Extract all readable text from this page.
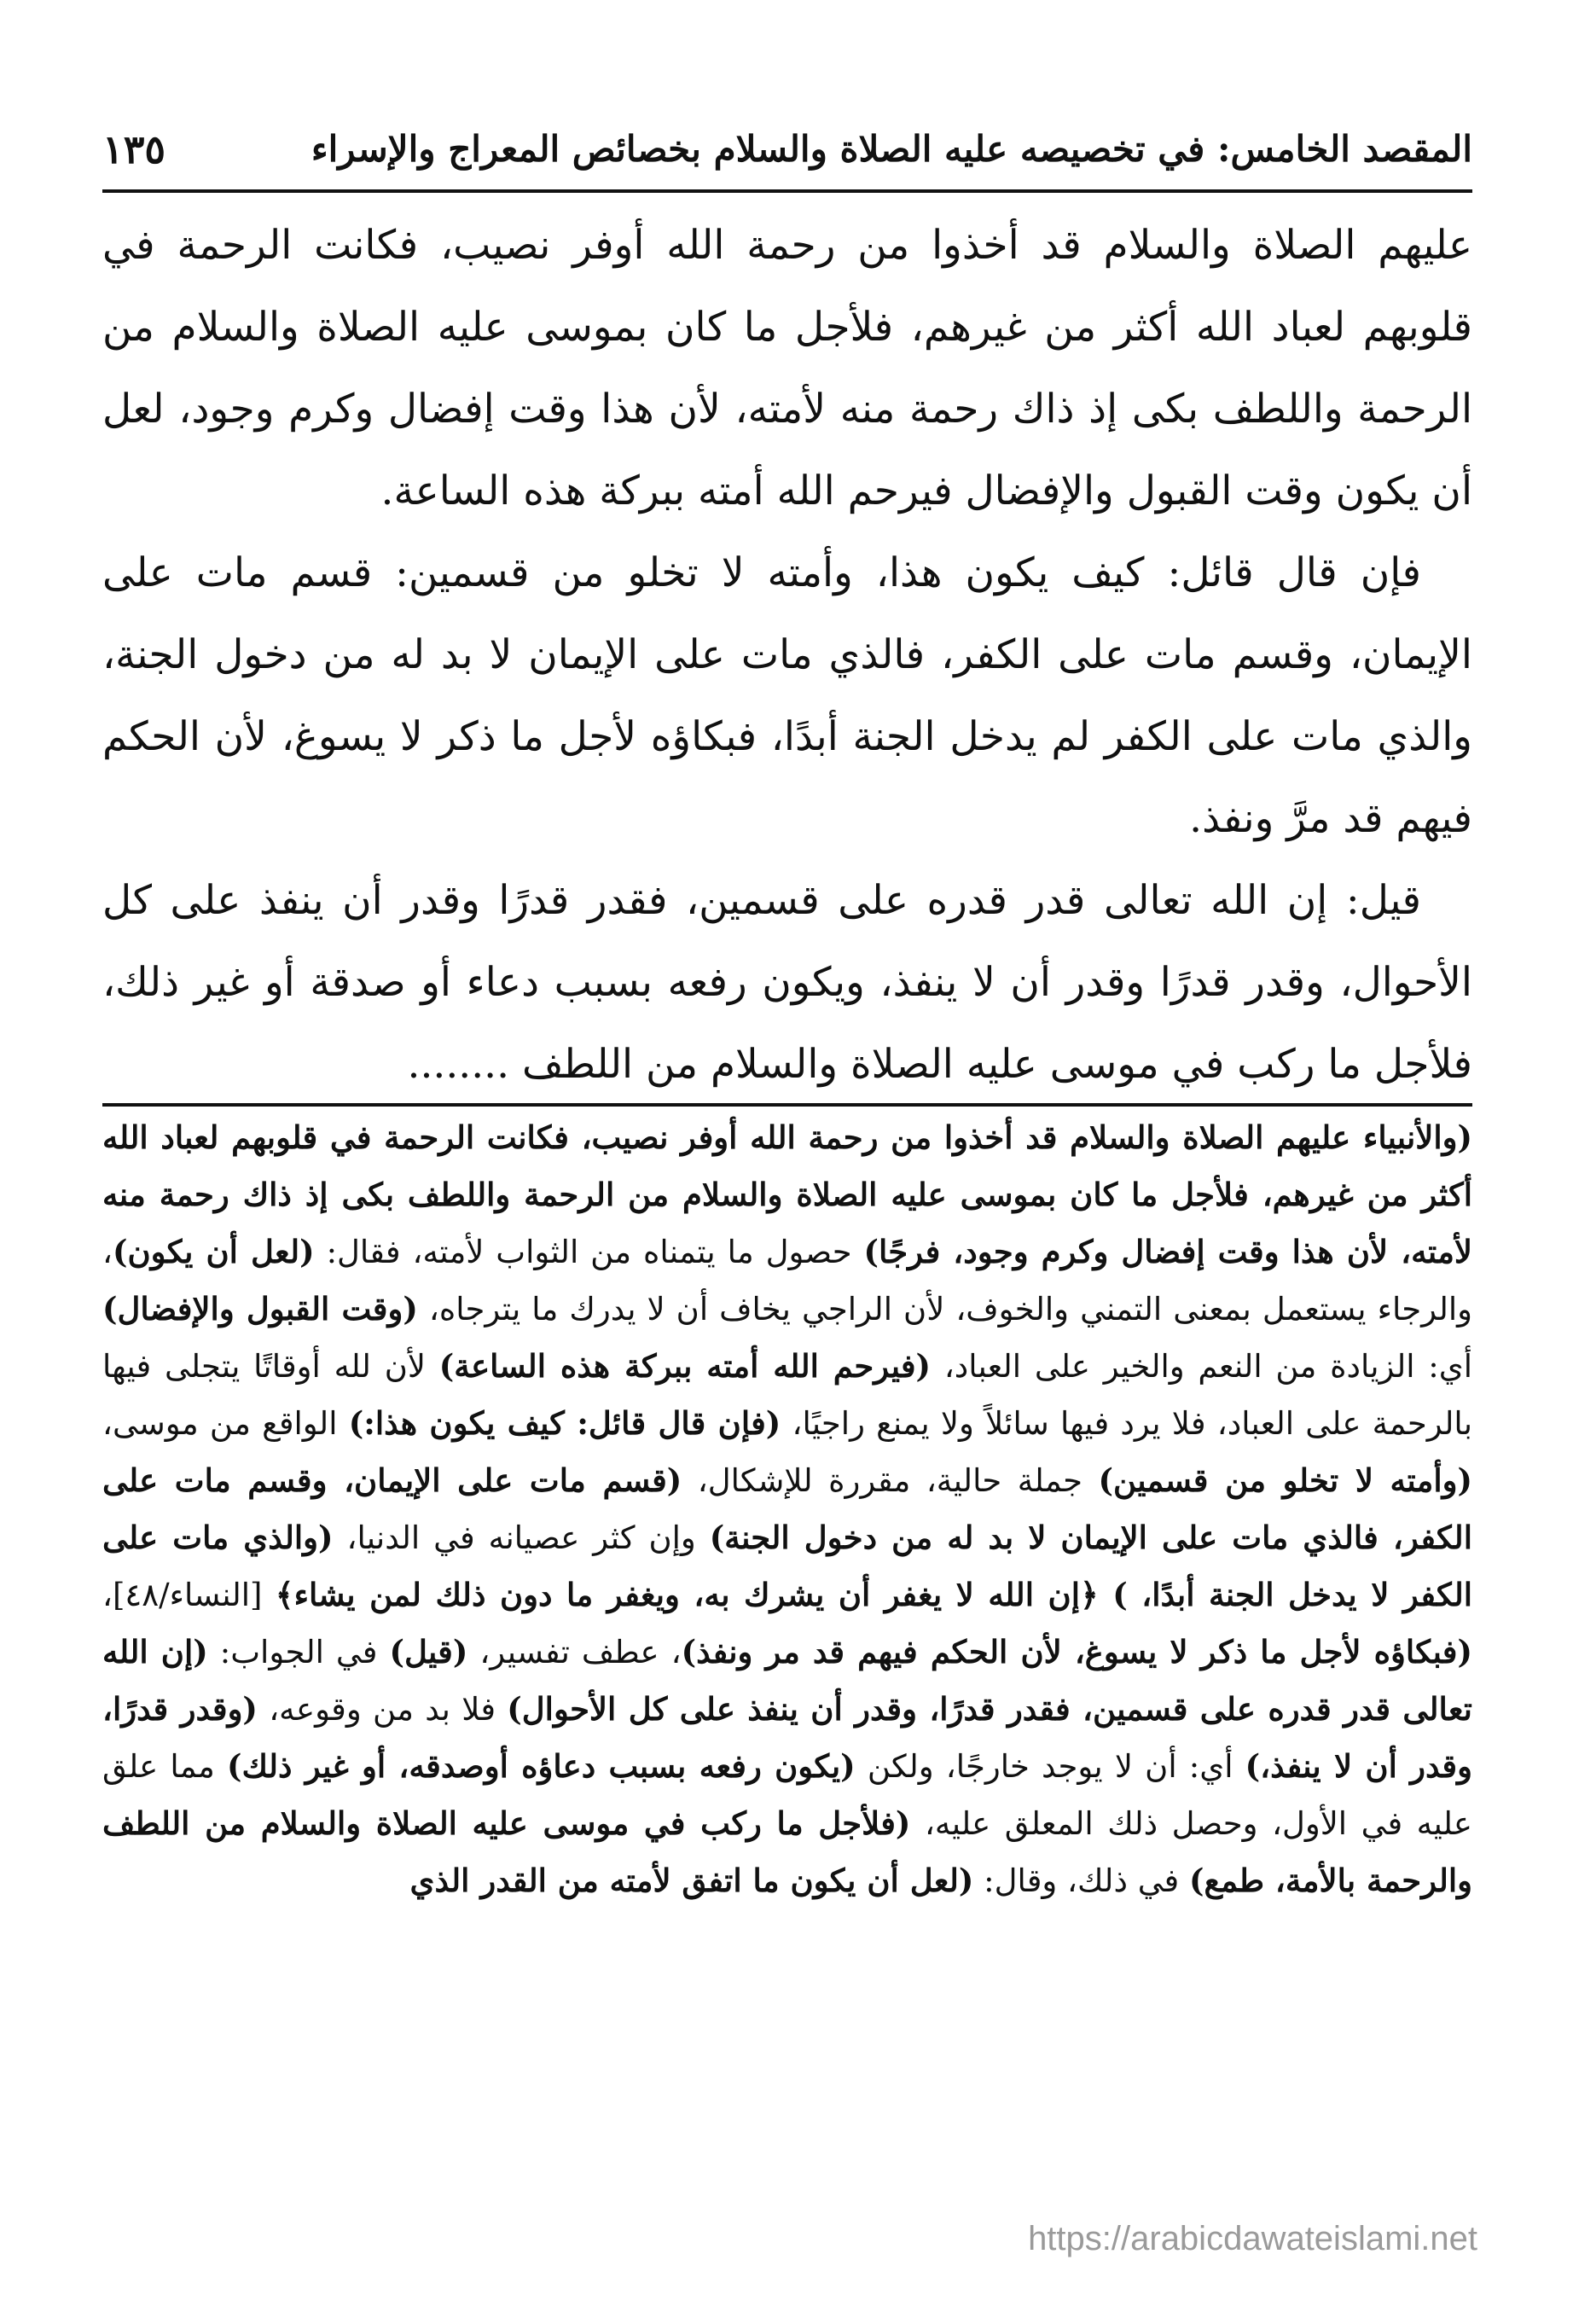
المقصد الخامس: في تخصيصه عليه الصلاة والسلام بخصائص المعراج والإسراء
١٣٥

عليهم الصلاة والسلام قد أخذوا من رحمة الله أوفر نصيب، فكانت الرحمة في قلوبهم لعباد الله أكثر من غيرهم، فلأجل ما كان بموسى عليه الصلاة والسلام من الرحمة واللطف بكى إذ ذاك رحمة منه لأمته، لأن هذا وقت إفضال وكرم وجود، لعل أن يكون وقت القبول والإفضال فيرحم الله أمته ببركة هذه الساعة.

فإن قال قائل: كيف يكون هذا، وأمته لا تخلو من قسمين: قسم مات على الإيمان، وقسم مات على الكفر، فالذي مات على الإيمان لا بد له من دخول الجنة، والذي مات على الكفر لم يدخل الجنة أبدًا، فبكاؤه لأجل ما ذكر لا يسوغ، لأن الحكم فيهم قد مرَّ ونفذ.

قيل: إن الله تعالى قدر قدره على قسمين، فقدر قدرًا وقدر أن ينفذ على كل الأحوال، وقدر قدرًا وقدر أن لا ينفذ، ويكون رفعه بسبب دعاء أو صدقة أو غير ذلك، فلأجل ما ركب في موسى عليه الصلاة والسلام من اللطف ........

(والأنبياء عليهم الصلاة والسلام قد أخذوا من رحمة الله أوفر نصيب، فكانت الرحمة في قلوبهم لعباد الله أكثر من غيرهم، فلأجل ما كان بموسى عليه الصلاة والسلام من الرحمة واللطف بكى إذ ذاك رحمة منه لأمته، لأن هذا وقت إفضال وكرم وجود، فرجًا) حصول ما يتمناه من الثواب لأمته، فقال: (لعل أن يكون)، والرجاء يستعمل بمعنى التمني والخوف، لأن الراجي يخاف أن لا يدرك ما يترجاه، (وقت القبول والإفضال) أي: الزيادة من النعم والخير على العباد، (فيرحم الله أمته ببركة هذه الساعة) لأن لله أوقاتًا يتجلى فيها بالرحمة على العباد، فلا يرد فيها سائلاً ولا يمنع راجيًا، (فإن قال قائل: كيف يكون هذا:) الواقع من موسى، (وأمته لا تخلو من قسمين) جملة حالية، مقررة للإشكال، (قسم مات على الإيمان، وقسم مات على الكفر، فالذي مات على الإيمان لا بد له من دخول الجنة) وإن كثر عصيانه في الدنيا، (والذي مات على الكفر لا يدخل الجنة أبدًا، ) ﴿إن الله لا يغفر أن يشرك به، ويغفر ما دون ذلك لمن يشاء﴾ [النساء/٤٨]، (فبكاؤه لأجل ما ذكر لا يسوغ، لأن الحكم فيهم قد مر ونفذ)، عطف تفسير، (قيل) في الجواب: (إن الله تعالى قدر قدره على قسمين، فقدر قدرًا، وقدر أن ينفذ على كل الأحوال) فلا بد من وقوعه، (وقدر قدرًا، وقدر أن لا ينفذ،) أي: أن لا يوجد خارجًا، ولكن (يكون رفعه بسبب دعاؤه أوصدقه، أو غير ذلك) مما علق عليه في الأول، وحصل ذلك المعلق عليه، (فلأجل ما ركب في موسى عليه الصلاة والسلام من اللطف والرحمة بالأمة، طمع) في ذلك، وقال: (لعل أن يكون ما اتفق لأمته من القدر الذي

https://arabicdawateislami.net
